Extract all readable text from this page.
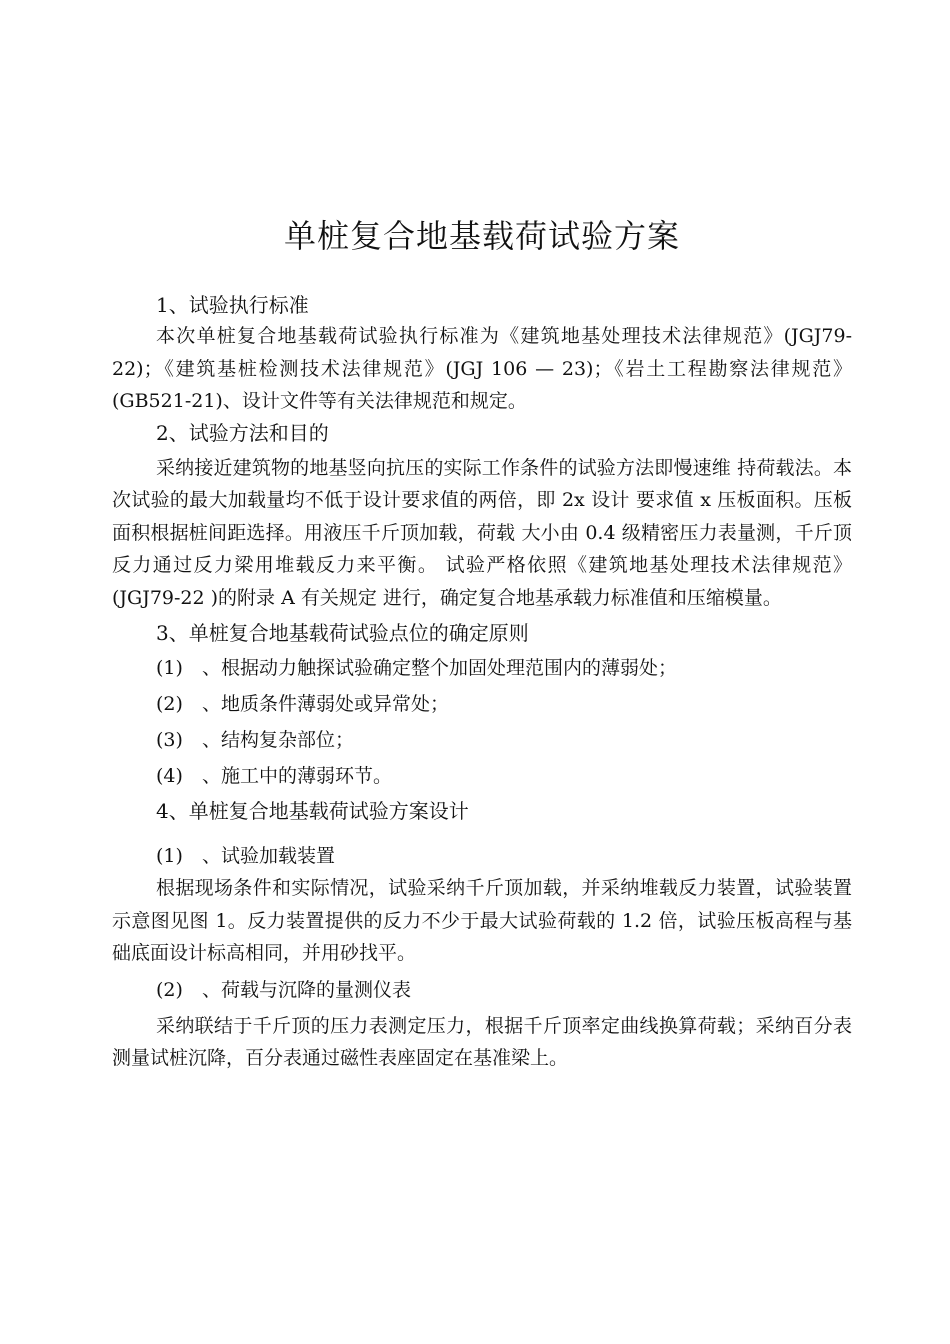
单桩复合地基载荷试验方案
1、试验执行标准

本次单桩复合地基载荷试验执行标准为《建筑地基处理技术法律规范》(JGJ79-22)；《建筑基桩检测技术法律规范》(JGJ 106 — 23)；《岩土工程勘察法律规范》(GB521-21)、设计文件等有关法律规范和规定。

2、试验方法和目的

采纳接近建筑物的地基竖向抗压的实际工作条件的试验方法即慢速维 持荷载法。本次试验的最大加载量均不低于设计要求值的两倍，即 2x 设计 要求值 x 压板面积。压板面积根据桩间距选择。用液压千斤顶加载，荷载 大小由 0.4 级精密压力表量测，千斤顶反力通过反力梁用堆载反力来平衡。 试验严格依照《建筑地基处理技术法律规范》(JGJ79-22 )的附录 A 有关规定 进行，确定复合地基承载力标准值和压缩模量。

3、单桩复合地基载荷试验点位的确定原则

(1) 、根据动力触探试验确定整个加固处理范围内的薄弱处；

(2) 、地质条件薄弱处或异常处；

(3) 、结构复杂部位；

(4) 、施工中的薄弱环节。

4、单桩复合地基载荷试验方案设计

(1) 、试验加载装置

根据现场条件和实际情况，试验采纳千斤顶加载，并采纳堆载反力装置，试验装置示意图见图 1。反力装置提供的反力不少于最大试验荷载的 1.2 倍，试验压板高程与基础底面设计标高相同，并用砂找平。

(2) 、荷载与沉降的量测仪表

采纳联结于千斤顶的压力表测定压力，根据千斤顶率定曲线换算荷载；采纳百分表测量试桩沉降，百分表通过磁性表座固定在基准梁上。
